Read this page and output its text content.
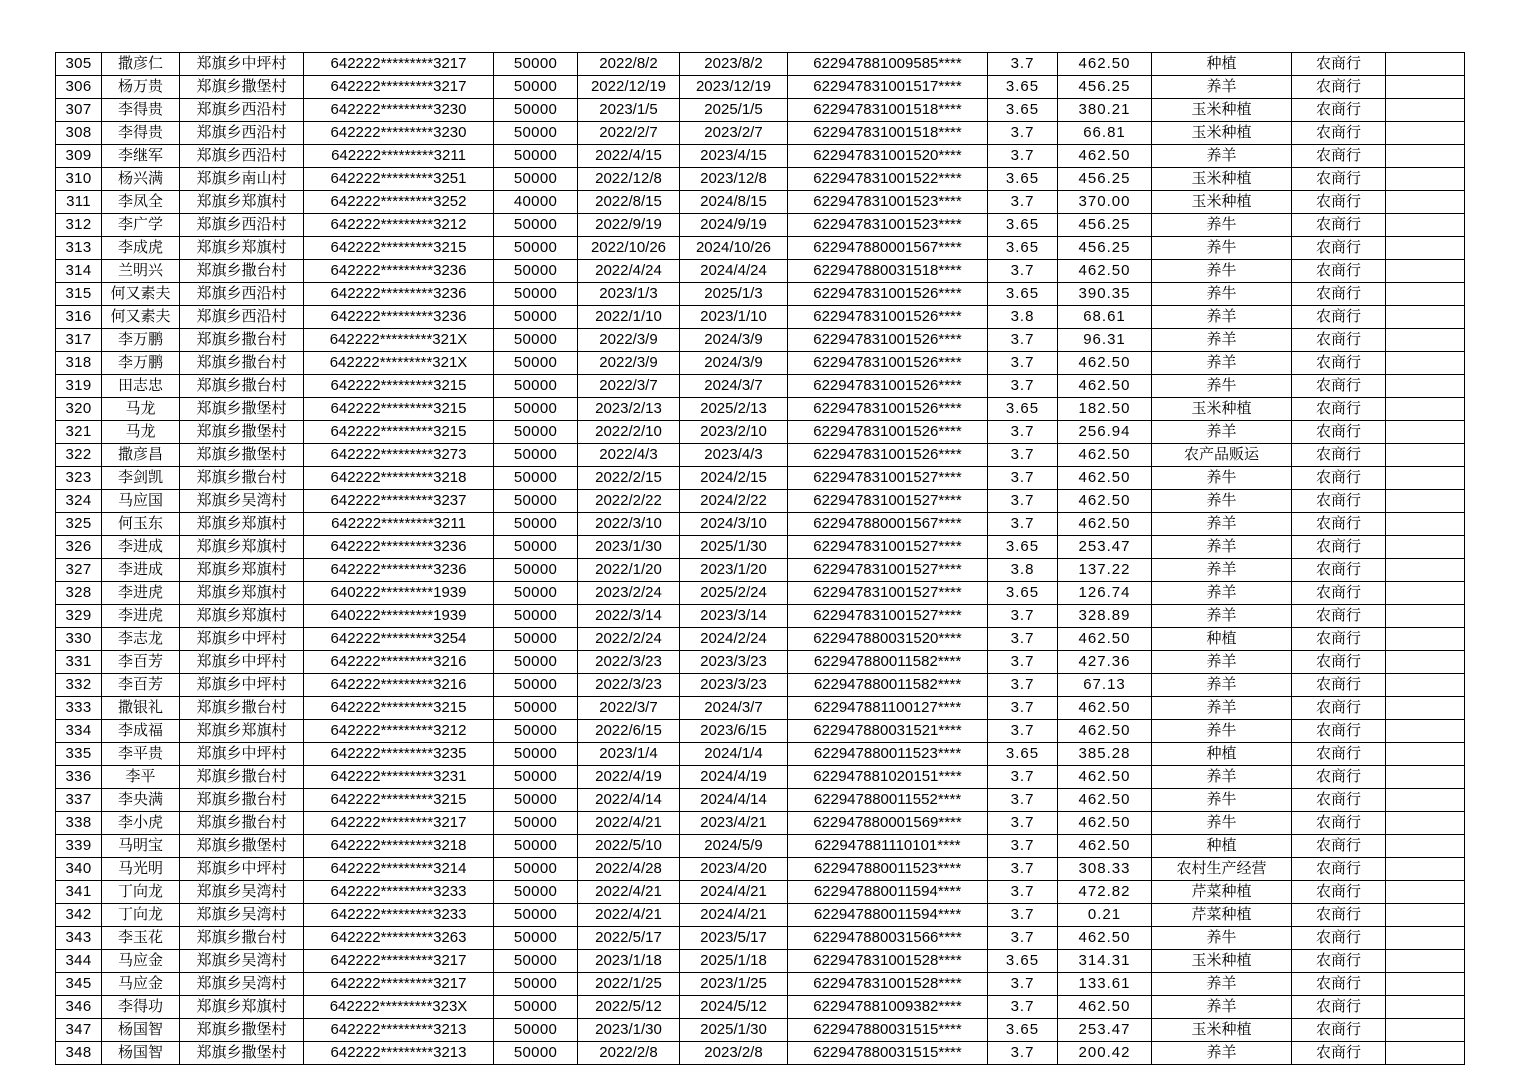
305	撒彦仁	郑旗乡中坪村	642222*********3217	50000	2022/8/2	2023/8/2	622947881009585****	3.7	462.50	种植	农商行	
306	杨万贵	郑旗乡撒堡村	642222*********3217	50000	2022/12/19	2023/12/19	622947831001517****	3.65	456.25	养羊	农商行	
307	李得贵	郑旗乡西沿村	642222*********3230	50000	2023/1/5	2025/1/5	622947831001518****	3.65	380.21	玉米种植	农商行	
308	李得贵	郑旗乡西沿村	642222*********3230	50000	2022/2/7	2023/2/7	622947831001518****	3.7	66.81	玉米种植	农商行	
309	李继军	郑旗乡西沿村	642222*********3211	50000	2022/4/15	2023/4/15	622947831001520****	3.7	462.50	养羊	农商行	
310	杨兴满	郑旗乡南山村	642222*********3251	50000	2022/12/8	2023/12/8	622947831001522****	3.65	456.25	玉米种植	农商行	
311	李凤全	郑旗乡郑旗村	642222*********3252	40000	2022/8/15	2024/8/15	622947831001523****	3.7	370.00	玉米种植	农商行	
312	李广学	郑旗乡西沿村	642222*********3212	50000	2022/9/19	2024/9/19	622947831001523****	3.65	456.25	养牛	农商行	
313	李成虎	郑旗乡郑旗村	642222*********3215	50000	2022/10/26	2024/10/26	622947880001567****	3.65	456.25	养牛	农商行	
314	兰明兴	郑旗乡撒台村	642222*********3236	50000	2022/4/24	2024/4/24	622947880031518****	3.7	462.50	养牛	农商行	
315	何又素夫	郑旗乡西沿村	642222*********3236	50000	2023/1/3	2025/1/3	622947831001526****	3.65	390.35	养牛	农商行	
316	何又素夫	郑旗乡西沿村	642222*********3236	50000	2022/1/10	2023/1/10	622947831001526****	3.8	68.61	养羊	农商行	
317	李万鹏	郑旗乡撒台村	642222*********321X	50000	2022/3/9	2024/3/9	622947831001526****	3.7	96.31	养羊	农商行	
318	李万鹏	郑旗乡撒台村	642222*********321X	50000	2022/3/9	2024/3/9	622947831001526****	3.7	462.50	养羊	农商行	
319	田志忠	郑旗乡撒台村	642222*********3215	50000	2022/3/7	2024/3/7	622947831001526****	3.7	462.50	养牛	农商行	
320	马龙	郑旗乡撒堡村	642222*********3215	50000	2023/2/13	2025/2/13	622947831001526****	3.65	182.50	玉米种植	农商行	
321	马龙	郑旗乡撒堡村	642222*********3215	50000	2022/2/10	2023/2/10	622947831001526****	3.7	256.94	养羊	农商行	
322	撒彦昌	郑旗乡撒堡村	642222*********3273	50000	2022/4/3	2023/4/3	622947831001526****	3.7	462.50	农产品贩运	农商行	
323	李剑凯	郑旗乡撒台村	642222*********3218	50000	2022/2/15	2024/2/15	622947831001527****	3.7	462.50	养牛	农商行	
324	马应国	郑旗乡吴湾村	642222*********3237	50000	2022/2/22	2024/2/22	622947831001527****	3.7	462.50	养牛	农商行	
325	何玉东	郑旗乡郑旗村	642222*********3211	50000	2022/3/10	2024/3/10	622947880001567****	3.7	462.50	养羊	农商行	
326	李进成	郑旗乡郑旗村	642222*********3236	50000	2023/1/30	2025/1/30	622947831001527****	3.65	253.47	养羊	农商行	
327	李进成	郑旗乡郑旗村	642222*********3236	50000	2022/1/20	2023/1/20	622947831001527****	3.8	137.22	养羊	农商行	
328	李进虎	郑旗乡郑旗村	640222*********1939	50000	2023/2/24	2025/2/24	622947831001527****	3.65	126.74	养羊	农商行	
329	李进虎	郑旗乡郑旗村	640222*********1939	50000	2022/3/14	2023/3/14	622947831001527****	3.7	328.89	养羊	农商行	
330	李志龙	郑旗乡中坪村	642222*********3254	50000	2022/2/24	2024/2/24	622947880031520****	3.7	462.50	种植	农商行	
331	李百芳	郑旗乡中坪村	642222*********3216	50000	2022/3/23	2023/3/23	622947880011582****	3.7	427.36	养羊	农商行	
332	李百芳	郑旗乡中坪村	642222*********3216	50000	2022/3/23	2023/3/23	622947880011582****	3.7	67.13	养羊	农商行	
333	撒银礼	郑旗乡撒台村	642222*********3215	50000	2022/3/7	2024/3/7	622947881100127****	3.7	462.50	养羊	农商行	
334	李成福	郑旗乡郑旗村	642222*********3212	50000	2022/6/15	2023/6/15	622947880031521****	3.7	462.50	养牛	农商行	
335	李平贵	郑旗乡中坪村	642222*********3235	50000	2023/1/4	2024/1/4	622947880011523****	3.65	385.28	种植	农商行	
336	李平	郑旗乡撒台村	642222*********3231	50000	2022/4/19	2024/4/19	622947881020151****	3.7	462.50	养羊	农商行	
337	李央满	郑旗乡撒台村	642222*********3215	50000	2022/4/14	2024/4/14	622947880011552****	3.7	462.50	养牛	农商行	
338	李小虎	郑旗乡撒台村	642222*********3217	50000	2022/4/21	2023/4/21	622947880001569****	3.7	462.50	养牛	农商行	
339	马明宝	郑旗乡撒堡村	642222*********3218	50000	2022/5/10	2024/5/9	622947881110101****	3.7	462.50	种植	农商行	
340	马光明	郑旗乡中坪村	642222*********3214	50000	2022/4/28	2023/4/20	622947880011523****	3.7	308.33	农村生产经营	农商行	
341	丁向龙	郑旗乡吴湾村	642222*********3233	50000	2022/4/21	2024/4/21	622947880011594****	3.7	472.82	芹菜种植	农商行	
342	丁向龙	郑旗乡吴湾村	642222*********3233	50000	2022/4/21	2024/4/21	622947880011594****	3.7	0.21	芹菜种植	农商行	
343	李玉花	郑旗乡撒台村	642222*********3263	50000	2022/5/17	2023/5/17	622947880031566****	3.7	462.50	养牛	农商行	
344	马应金	郑旗乡吴湾村	642222*********3217	50000	2023/1/18	2025/1/18	622947831001528****	3.65	314.31	玉米种植	农商行	
345	马应金	郑旗乡吴湾村	642222*********3217	50000	2022/1/25	2023/1/25	622947831001528****	3.7	133.61	养羊	农商行	
346	李得功	郑旗乡郑旗村	642222*********323X	50000	2022/5/12	2024/5/12	622947881009382****	3.7	462.50	养羊	农商行	
347	杨国智	郑旗乡撒堡村	642222*********3213	50000	2023/1/30	2025/1/30	622947880031515****	3.65	253.47	玉米种植	农商行	
348	杨国智	郑旗乡撒堡村	642222*********3213	50000	2022/2/8	2023/2/8	622947880031515****	3.7	200.42	养羊	农商行	
